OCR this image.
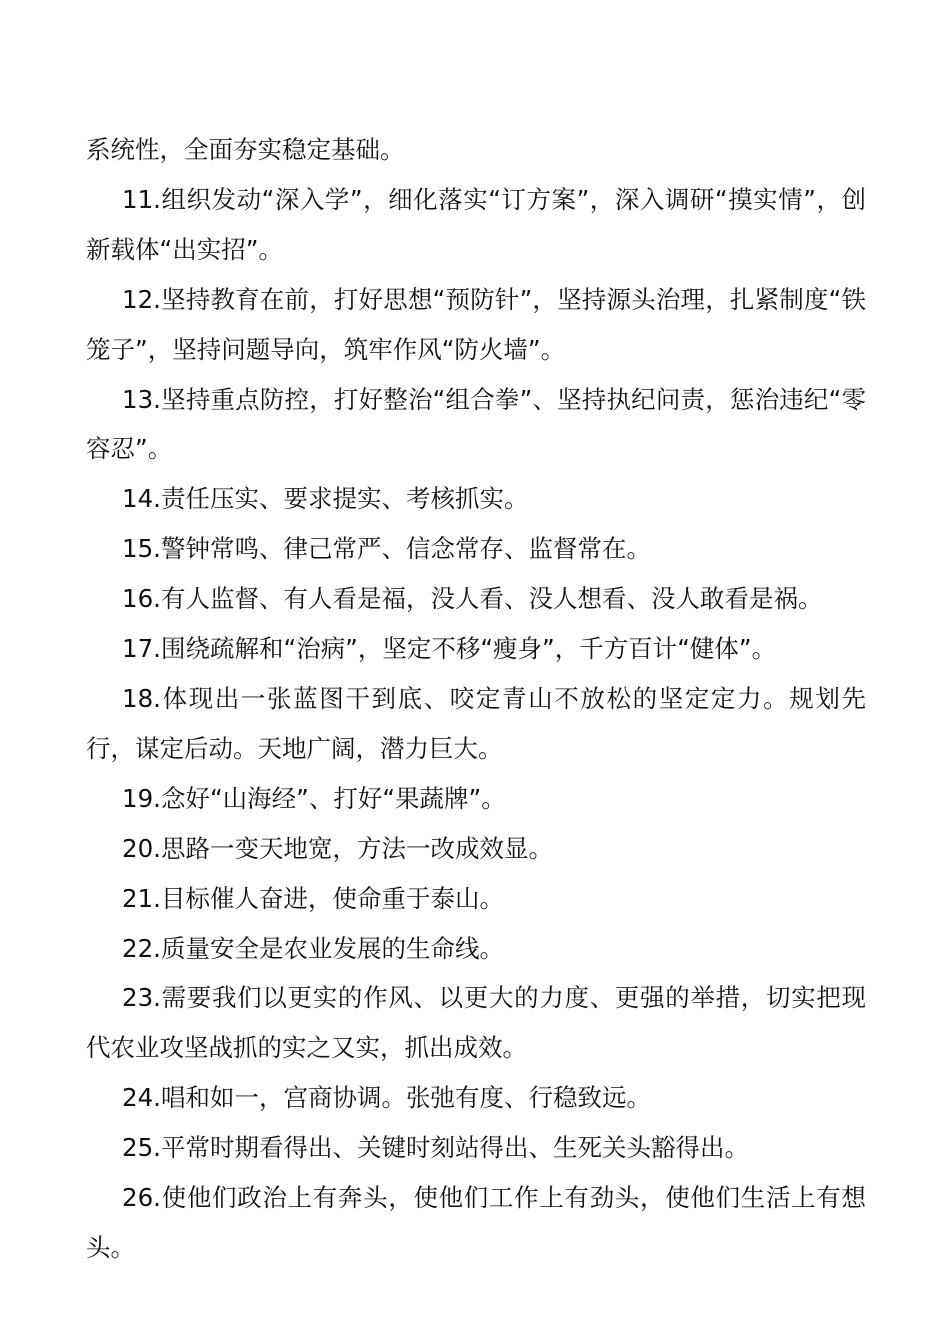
系统性，全面夯实稳定基础。

11.组织发动“深入学”，细化落实“订方案”，深入调研“摸实情”，创新载体“出实招”。

12.坚持教育在前，打好思想“预防针”，坚持源头治理，扎紧制度“铁笼子”，坚持问题导向，筑牢作风“防火墙”。

13.坚持重点防控，打好整治“组合拳”、坚持执纪问责，惩治违纪“零容忍”。

14.责任压实、要求提实、考核抓实。

15.警钟常鸣、律己常严、信念常存、监督常在。

16.有人监督、有人看是福，没人看、没人想看、没人敢看是祸。

17.围绕疏解和“治病”，坚定不移“瘦身”，千方百计“健体”。

18.体现出一张蓝图干到底、咬定青山不放松的坚定定力。规划先行，谋定后动。天地广阔，潜力巨大。

19.念好“山海经”、打好“果蔬牌”。

20.思路一变天地宽，方法一改成效显。

21.目标催人奋进，使命重于泰山。

22.质量安全是农业发展的生命线。

23.需要我们以更实的作风、以更大的力度、更强的举措，切实把现代农业攻坚战抓的实之又实，抓出成效。

24.唱和如一，宫商协调。张弛有度、行稳致远。

25.平常时期看得出、关键时刻站得出、生死关头豁得出。

26.使他们政治上有奔头，使他们工作上有劲头，使他们生活上有想头。
